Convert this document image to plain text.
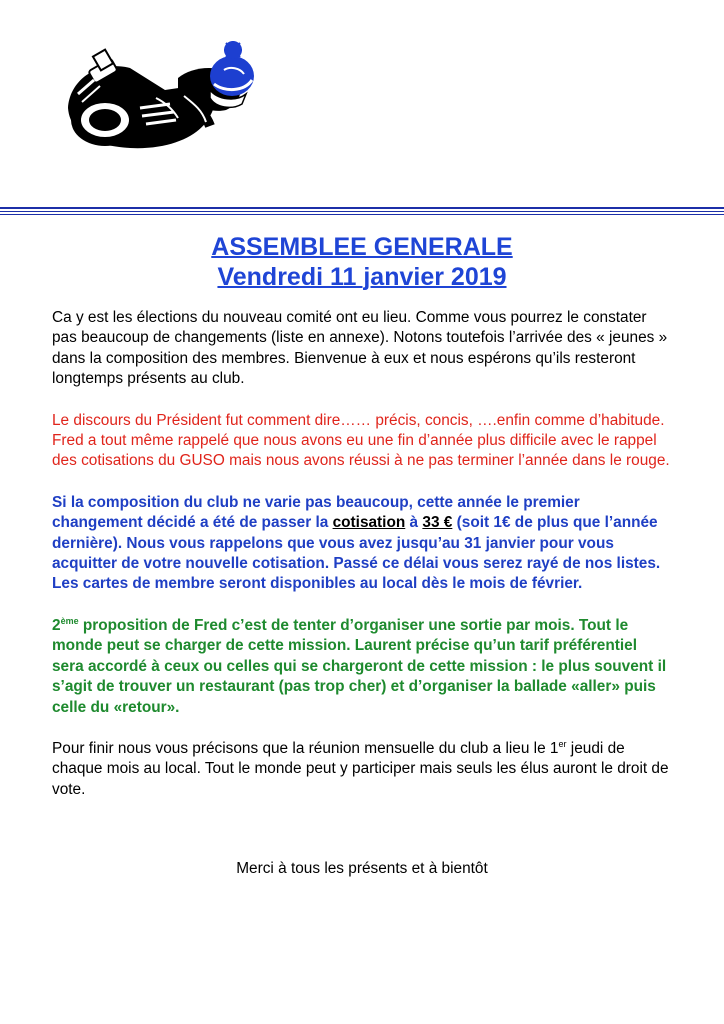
ASSEMBLEE GENERALE
Vendredi 11 janvier 2019

Ca y est les élections du nouveau comité ont eu lieu. Comme vous pourrez le constater pas beaucoup de changements (liste en annexe). Notons toutefois l’arrivée des « jeunes » dans la composition des membres. Bienvenue à eux et nous espérons qu’ils resteront longtemps présents au club.

Le discours du Président fut comment dire…… précis, concis, ….enfin comme d’habitude. Fred a tout même rappelé que nous avons eu une fin d’année plus difficile avec le rappel des cotisations du GUSO mais nous avons réussi à ne pas terminer l’année dans le rouge.

Si la composition du club ne varie pas beaucoup, cette année le premier changement décidé a été de passer la cotisation à 33 € (soit 1€ de plus que l’année dernière). Nous vous rappelons que vous avez jusqu’au 31 janvier pour vous acquitter de votre nouvelle cotisation. Passé ce délai vous serez rayé de nos listes. Les cartes de membre seront disponibles au local dès le mois de février.

2ème proposition de Fred c’est de tenter d’organiser une sortie par mois. Tout le monde peut se charger de cette mission. Laurent précise qu’un tarif préférentiel sera accordé à ceux ou celles qui se chargeront de cette mission : le plus souvent il s’agit de trouver un restaurant (pas trop cher) et d’organiser la ballade «aller» puis celle du «retour».

Pour finir nous vous précisons que la réunion mensuelle du club a lieu le 1er jeudi de chaque mois au local. Tout le monde peut y participer mais seuls les élus auront le droit de vote.

Merci à tous les présents et à bientôt
